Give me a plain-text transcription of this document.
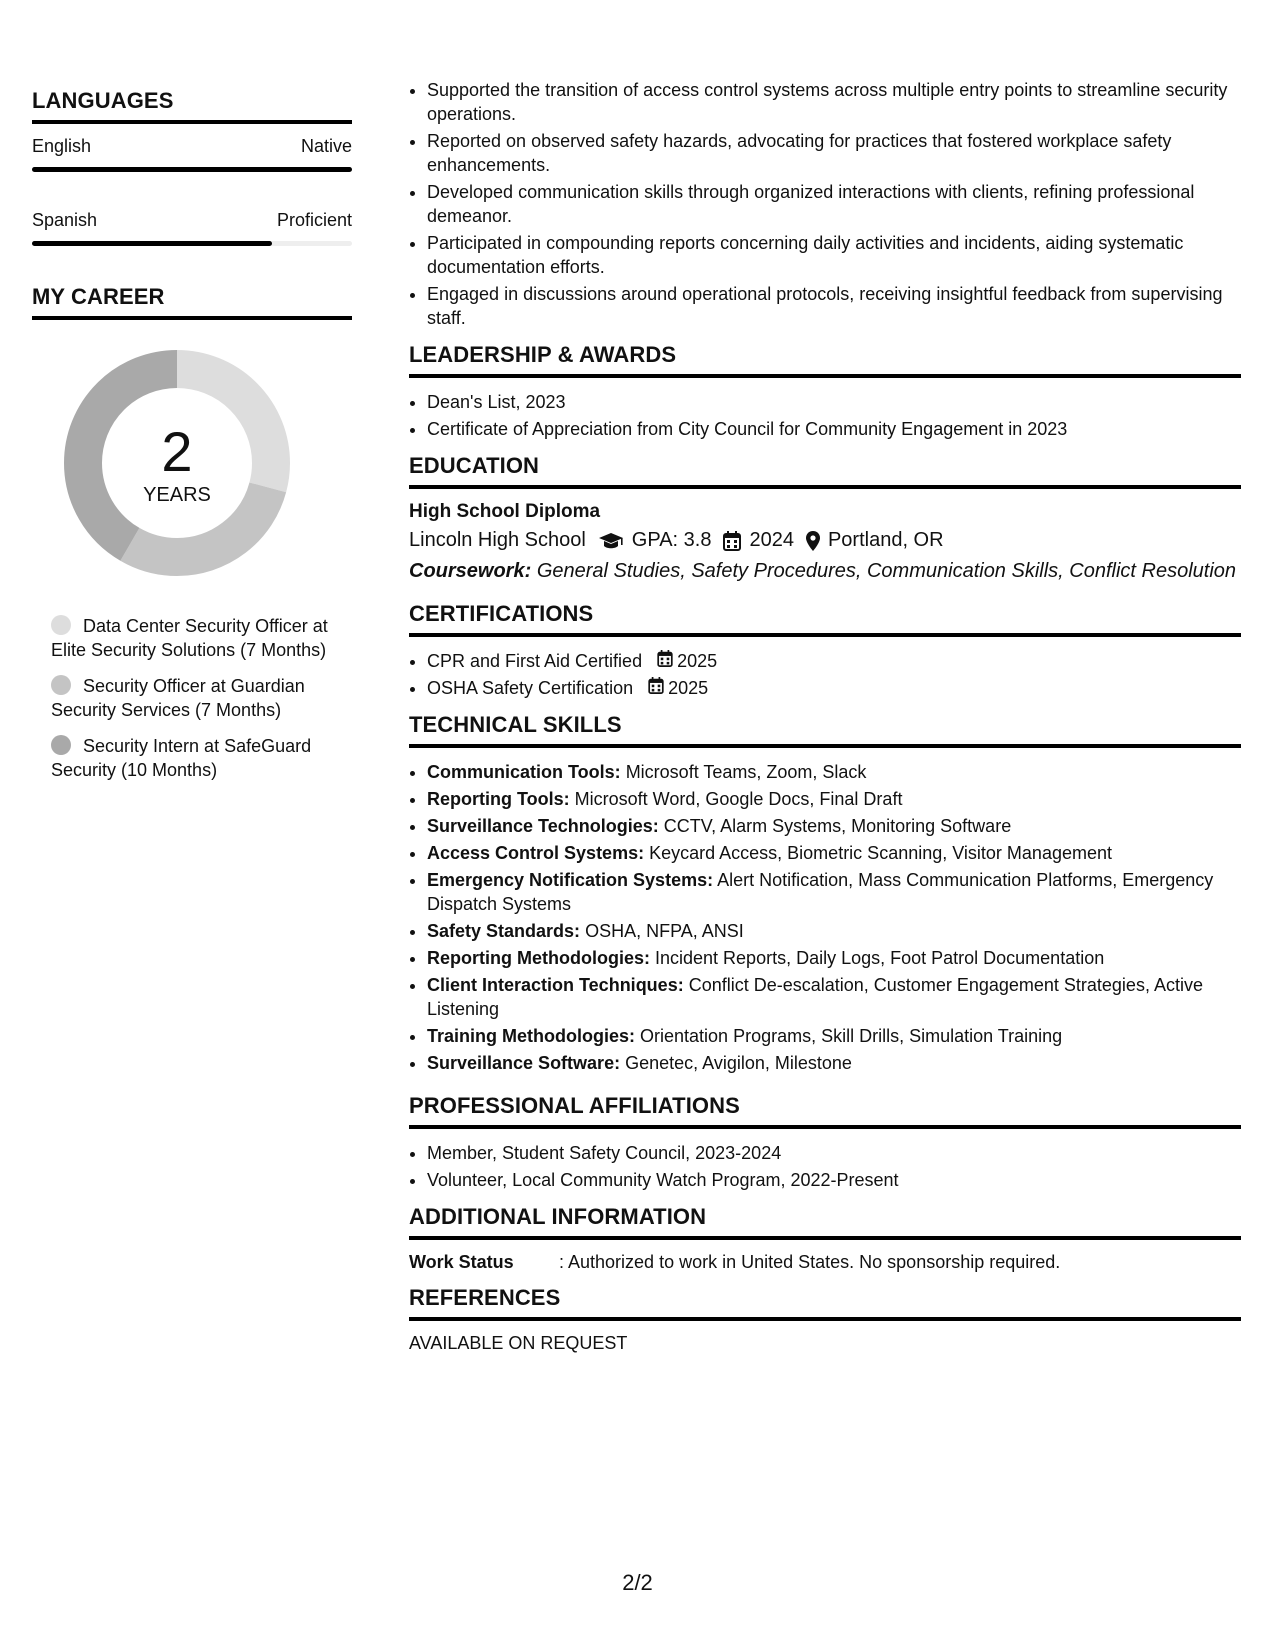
LANGUAGES
English	Native
Spanish	Proficient
MY CAREER
2
YEARS
Data Center Security Officer at Elite Security Solutions (7 Months)
Security Officer at Guardian Security Services (7 Months)
Security Intern at SafeGuard Security (10 Months)
• Supported the transition of access control systems across multiple entry points to streamline security operations.
• Reported on observed safety hazards, advocating for practices that fostered workplace safety enhancements.
• Developed communication skills through organized interactions with clients, refining professional demeanor.
• Participated in compounding reports concerning daily activities and incidents, aiding systematic documentation efforts.
• Engaged in discussions around operational protocols, receiving insightful feedback from supervising staff.
LEADERSHIP & AWARDS
• Dean's List, 2023
• Certificate of Appreciation from City Council for Community Engagement in 2023
EDUCATION
High School Diploma
Lincoln High School GPA: 3.8 2024 Portland, OR
Coursework: General Studies, Safety Procedures, Communication Skills, Conflict Resolution
CERTIFICATIONS
• CPR and First Aid Certified 2025
• OSHA Safety Certification 2025
TECHNICAL SKILLS
• Communication Tools: Microsoft Teams, Zoom, Slack
• Reporting Tools: Microsoft Word, Google Docs, Final Draft
• Surveillance Technologies: CCTV, Alarm Systems, Monitoring Software
• Access Control Systems: Keycard Access, Biometric Scanning, Visitor Management
• Emergency Notification Systems: Alert Notification, Mass Communication Platforms, Emergency Dispatch Systems
• Safety Standards: OSHA, NFPA, ANSI
• Reporting Methodologies: Incident Reports, Daily Logs, Foot Patrol Documentation
• Client Interaction Techniques: Conflict De-escalation, Customer Engagement Strategies, Active Listening
• Training Methodologies: Orientation Programs, Skill Drills, Simulation Training
• Surveillance Software: Genetec, Avigilon, Milestone
PROFESSIONAL AFFILIATIONS
• Member, Student Safety Council, 2023-2024
• Volunteer, Local Community Watch Program, 2022-Present
ADDITIONAL INFORMATION
Work Status	: Authorized to work in United States. No sponsorship required.
REFERENCES
AVAILABLE ON REQUEST
2/2
